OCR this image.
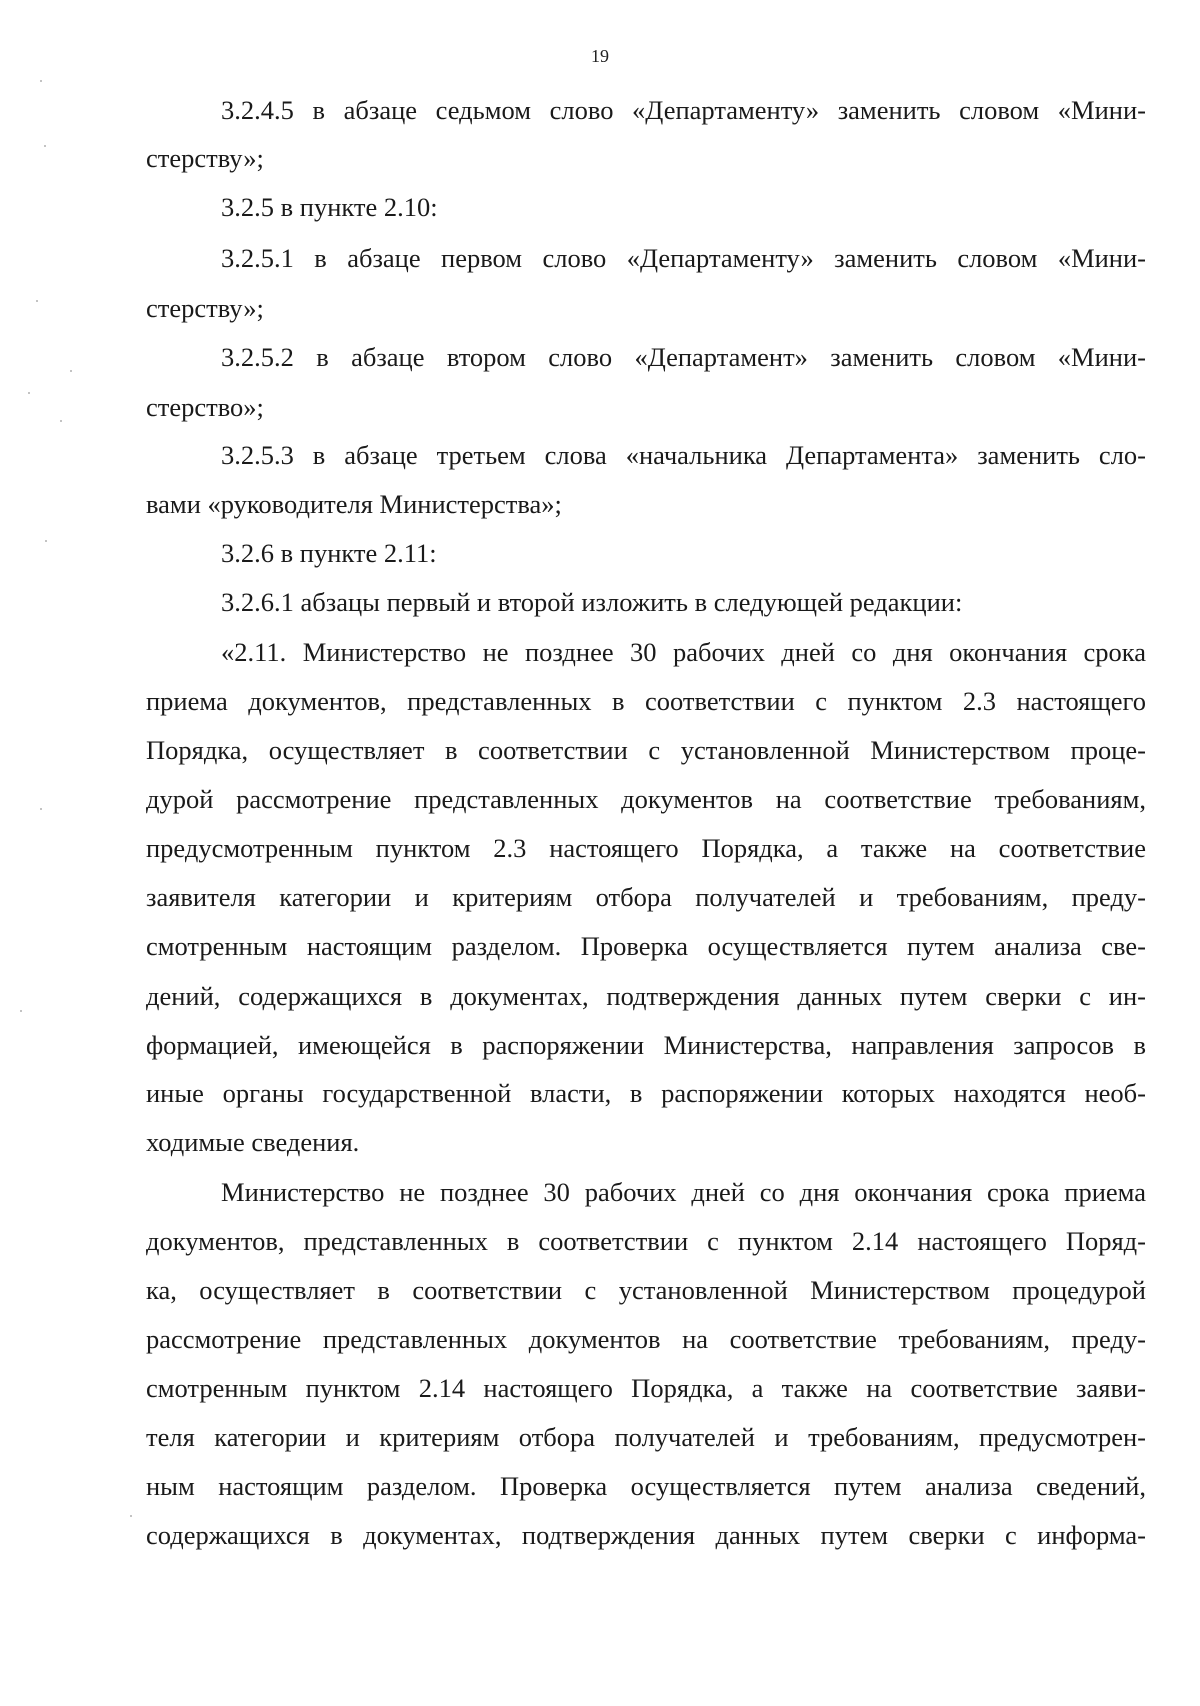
19

3.2.4.5 в абзаце седьмом слово «Департаменту» заменить словом «Мини-

стерству»;

3.2.5 в пункте 2.10:

3.2.5.1 в абзаце первом слово «Департаменту» заменить словом «Мини-

стерству»;

3.2.5.2 в абзаце втором слово «Департамент» заменить словом «Мини-

стерство»;

3.2.5.3 в абзаце третьем слова «начальника Департамента» заменить сло-

вами «руководителя Министерства»;

3.2.6 в пункте 2.11:

3.2.6.1 абзацы первый и второй изложить в следующей редакции:

«2.11. Министерство не позднее 30 рабочих дней со дня окончания срока

приема документов, представленных в соответствии с пунктом 2.3 настоящего

Порядка, осуществляет в соответствии с установленной Министерством проце-

дурой рассмотрение представленных документов на соответствие требованиям,

предусмотренным пунктом 2.3 настоящего Порядка, а также на соответствие

заявителя категории и критериям отбора получателей и требованиям, преду-

смотренным настоящим разделом. Проверка осуществляется путем анализа све-

дений, содержащихся в документах, подтверждения данных путем сверки с ин-

формацией, имеющейся в распоряжении Министерства, направления запросов в

иные органы государственной власти, в распоряжении которых находятся необ-

ходимые сведения.

Министерство не позднее 30 рабочих дней со дня окончания срока приема

документов, представленных в соответствии с пунктом 2.14 настоящего Поряд-

ка, осуществляет в соответствии с установленной Министерством процедурой

рассмотрение представленных документов на соответствие требованиям, преду-

смотренным пунктом 2.14 настоящего Порядка, а также на соответствие заяви-

теля категории и критериям отбора получателей и требованиям, предусмотрен-

ным настоящим разделом. Проверка осуществляется путем анализа сведений,

содержащихся в документах, подтверждения данных путем сверки с информа-
